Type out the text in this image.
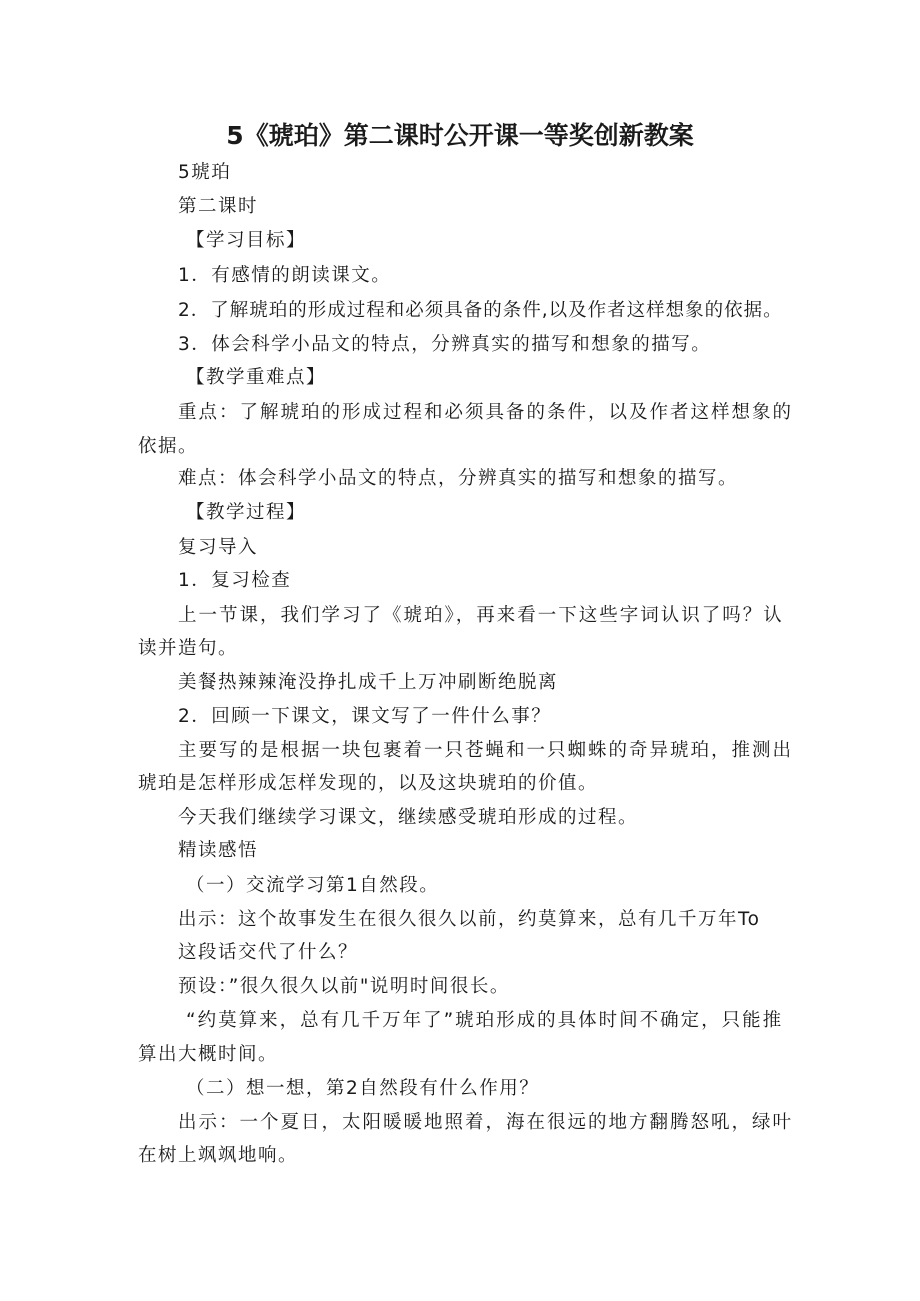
5《琥珀》第二课时公开课一等奖创新教案
5琥珀
第二课时
【学习目标】
1．有感情的朗读课文。
2．了解琥珀的形成过程和必须具备的条件,以及作者这样想象的依据。
3．体会科学小品文的特点，分辨真实的描写和想象的描写。
【教学重难点】
重点：了解琥珀的形成过程和必须具备的条件，以及作者这样想象的
依据。
难点：体会科学小品文的特点，分辨真实的描写和想象的描写。
【教学过程】
复习导入
1．复习检查
上一节课，我们学习了《琥珀》，再来看一下这些字词认识了吗？认
读并造句。
美餐热辣辣淹没挣扎成千上万冲刷断绝脱离
2．回顾一下课文，课文写了一件什么事？
主要写的是根据一块包裹着一只苍蝇和一只蜘蛛的奇异琥珀，推测出
琥珀是怎样形成怎样发现的，以及这块琥珀的价值。
今天我们继续学习课文，继续感受琥珀形成的过程。
精读感悟
（一）交流学习第1自然段。
出示：这个故事发生在很久很久以前，约莫算来，总有几千万年To
这段话交代了什么？
预设：”很久很久以前"说明时间很长。
“约莫算来，总有几千万年了”琥珀形成的具体时间不确定，只能推
算出大概时间。
（二）想一想，第2自然段有什么作用？
出示：一个夏日，太阳暖暖地照着，海在很远的地方翻腾怒吼，绿叶
在树上飒飒地响。
